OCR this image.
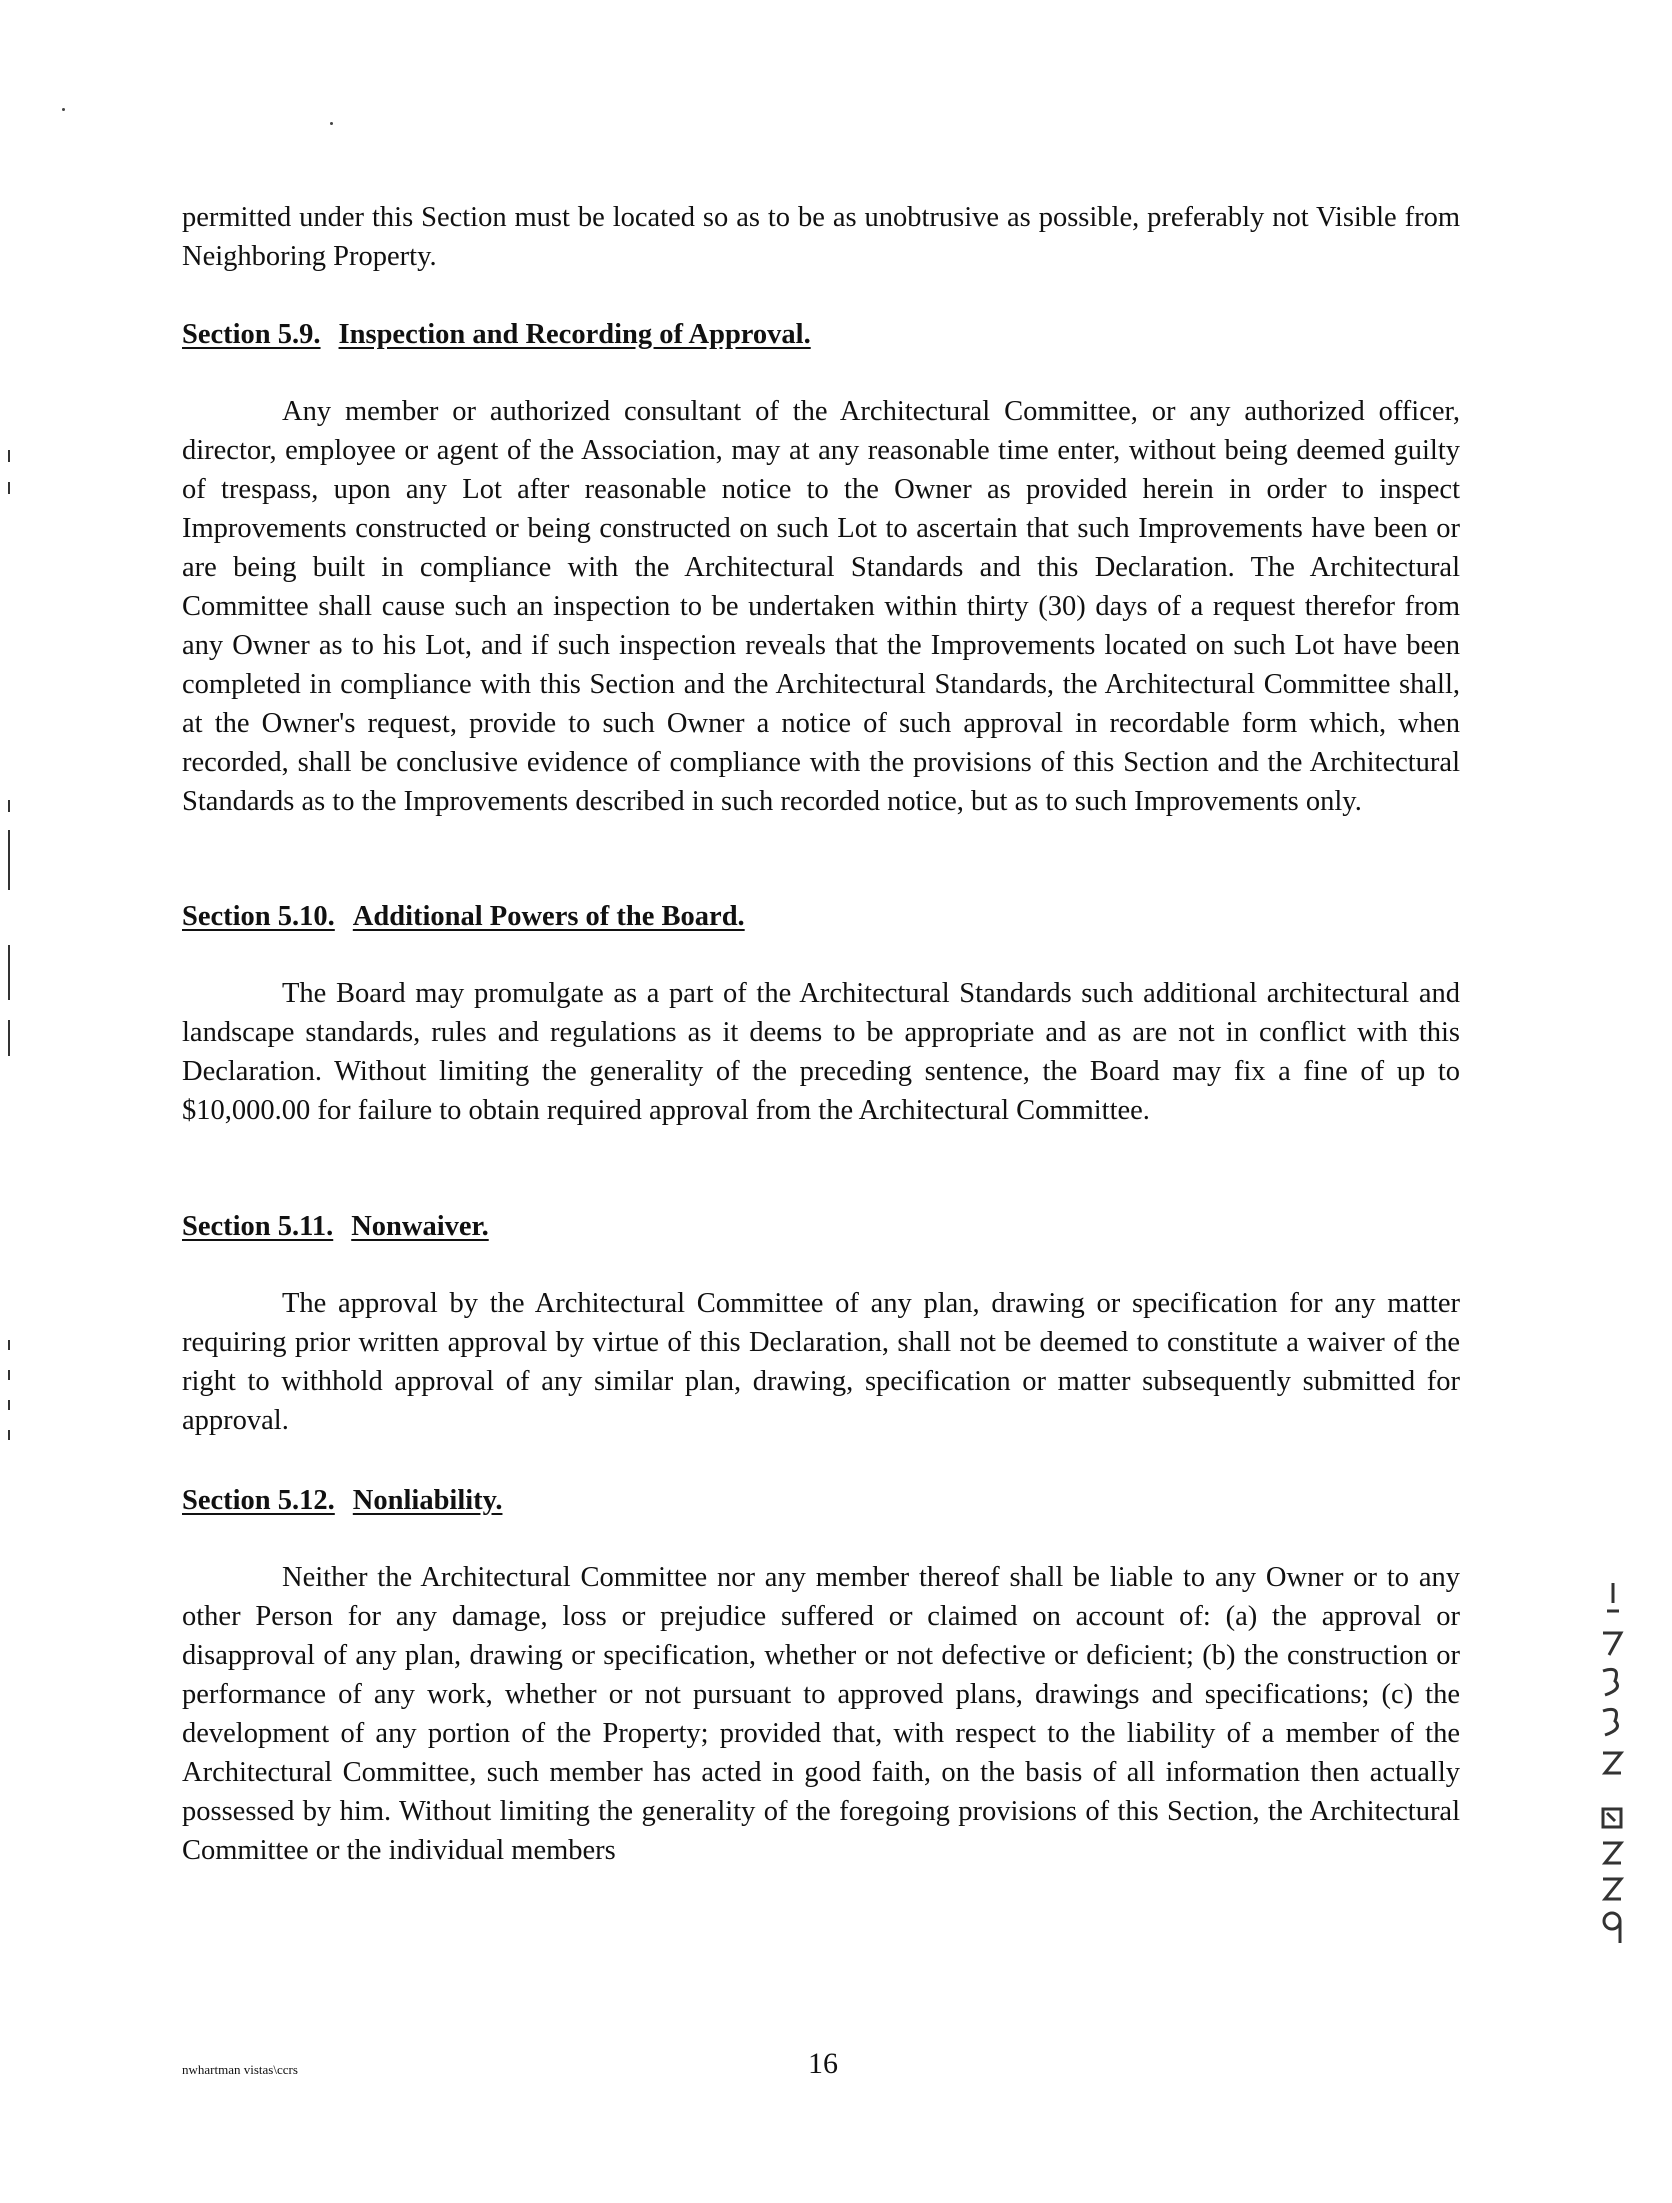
permitted under this Section must be located so as to be as unobtrusive as possible, preferably not Visible from Neighboring Property.
Section 5.9. Inspection and Recording of Approval.
Any member or authorized consultant of the Architectural Committee, or any authorized officer, director, employee or agent of the Association, may at any reasonable time enter, without being deemed guilty of trespass, upon any Lot after reasonable notice to the Owner as provided herein in order to inspect Improvements constructed or being constructed on such Lot to ascertain that such Improvements have been or are being built in compliance with the Architectural Standards and this Declaration. The Architectural Committee shall cause such an inspection to be undertaken within thirty (30) days of a request therefor from any Owner as to his Lot, and if such inspection reveals that the Improvements located on such Lot have been completed in compliance with this Section and the Architectural Standards, the Architectural Committee shall, at the Owner's request, provide to such Owner a notice of such approval in recordable form which, when recorded, shall be conclusive evidence of compliance with the provisions of this Section and the Architectural Standards as to the Improvements described in such recorded notice, but as to such Improvements only.
Section 5.10. Additional Powers of the Board.
The Board may promulgate as a part of the Architectural Standards such additional architectural and landscape standards, rules and regulations as it deems to be appropriate and as are not in conflict with this Declaration. Without limiting the generality of the preceding sentence, the Board may fix a fine of up to $10,000.00 for failure to obtain required approval from the Architectural Committee.
Section 5.11. Nonwaiver.
The approval by the Architectural Committee of any plan, drawing or specification for any matter requiring prior written approval by virtue of this Declaration, shall not be deemed to constitute a waiver of the right to withhold approval of any similar plan, drawing, specification or matter subsequently submitted for approval.
Section 5.12. Nonliability.
Neither the Architectural Committee nor any member thereof shall be liable to any Owner or to any other Person for any damage, loss or prejudice suffered or claimed on account of: (a) the approval or disapproval of any plan, drawing or specification, whether or not defective or deficient; (b) the construction or performance of any work, whether or not pursuant to approved plans, drawings and specifications; (c) the development of any portion of the Property; provided that, with respect to the liability of a member of the Architectural Committee, such member has acted in good faith, on the basis of all information then actually possessed by him. Without limiting the generality of the foregoing provisions of this Section, the Architectural Committee or the individual members
nwhartman vistas\ccrs	16
